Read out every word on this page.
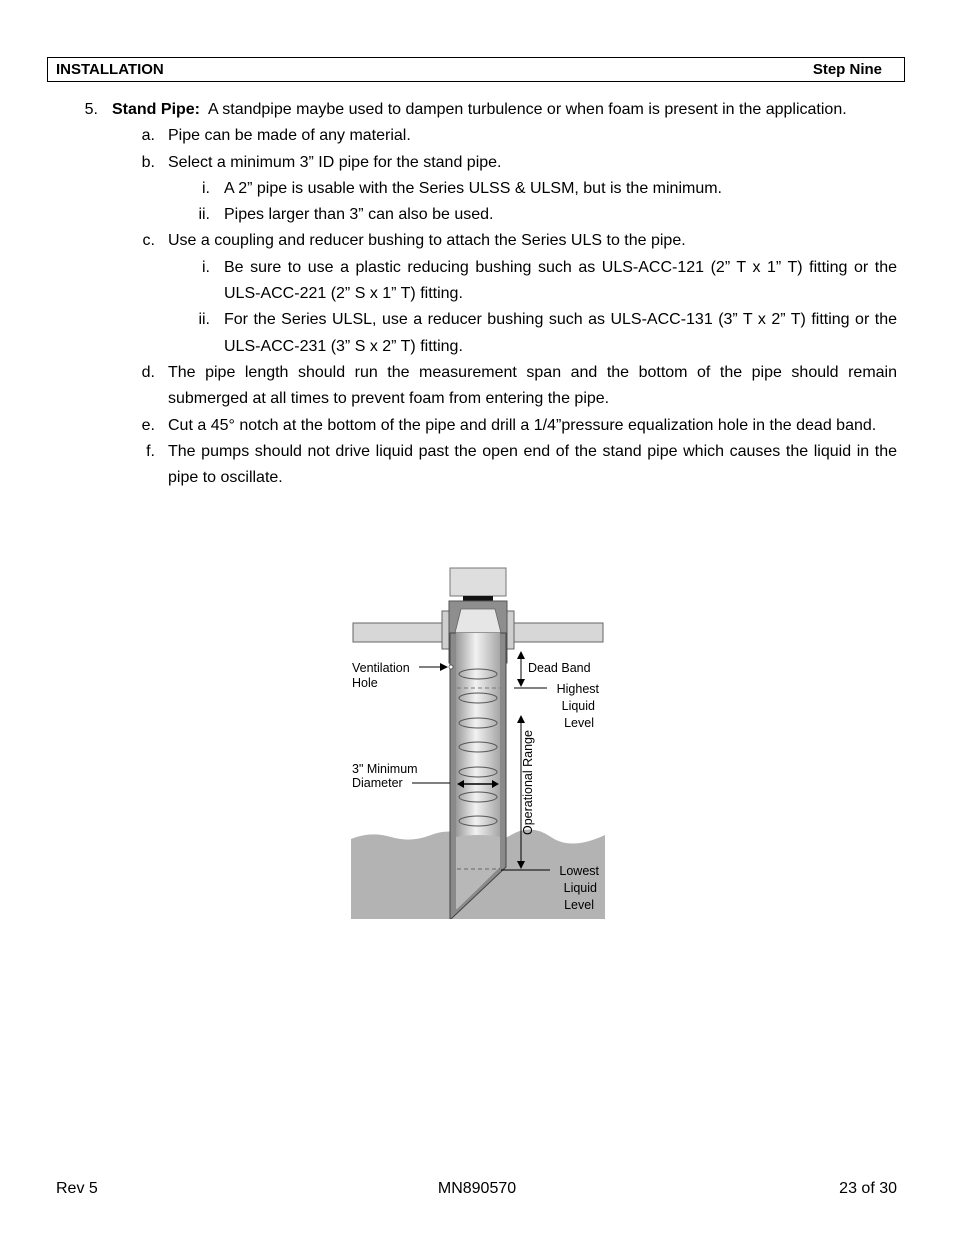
INSTALLATION	Step Nine
5. Stand Pipe: A standpipe maybe used to dampen turbulence or when foam is present in the application.
a. Pipe can be made of any material.
b. Select a minimum 3” ID pipe for the stand pipe.
i. A 2” pipe is usable with the Series ULSS & ULSM, but is the minimum.
ii. Pipes larger than 3” can also be used.
c. Use a coupling and reducer bushing to attach the Series ULS to the pipe.
i. Be sure to use a plastic reducing bushing such as ULS-ACC-121 (2” T x 1” T) fitting or the ULS-ACC-221 (2” S x 1” T) fitting.
ii. For the Series ULSL, use a reducer bushing such as ULS-ACC-131 (3” T x 2” T) fitting or the ULS-ACC-231 (3” S x 2” T) fitting.
d. The pipe length should run the measurement span and the bottom of the pipe should remain submerged at all times to prevent foam from entering the pipe.
e. Cut a 45° notch at the bottom of the pipe and drill a 1/4”pressure equalization hole in the dead band.
f. The pumps should not drive liquid past the open end of the stand pipe which causes the liquid in the pipe to oscillate.
Ventilation
Hole
3" Minimum
Diameter
Dead Band
Highest
Liquid
Level
Operational Range
Lowest
Liquid
Level
Rev 5	MN890570	23 of 30
